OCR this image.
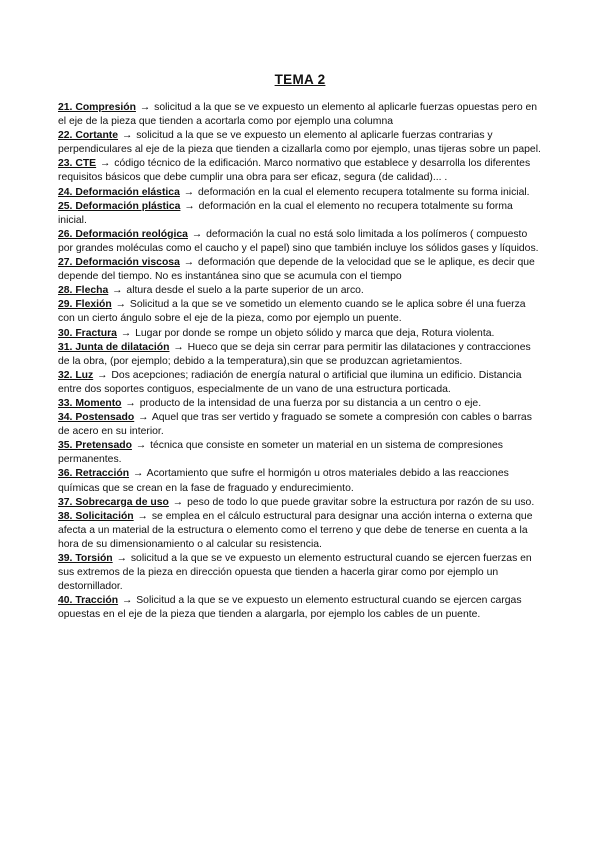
TEMA 2

21. Compresión → solicitud a la que se ve expuesto un elemento al aplicarle fuerzas opuestas pero en el eje de la pieza que tienden a acortarla como por ejemplo una columna

22. Cortante → solicitud a la que se ve expuesto un elemento al aplicarle fuerzas contrarias y perpendiculares al eje de la pieza que tienden a cizallarla como por ejemplo, unas tijeras sobre un papel.

23. CTE → código técnico de la edificación. Marco normativo que establece y desarrolla los diferentes requisitos básicos que debe cumplir una obra para ser eficaz, segura (de calidad)... .

24. Deformación elástica → deformación en la cual el elemento recupera totalmente su forma inicial.

25. Deformación plástica → deformación en la cual el elemento no recupera totalmente su forma inicial.

26. Deformación reológica → deformación la cual no está solo limitada a los polímeros ( compuesto por grandes moléculas como el caucho y el papel) sino que también incluye los sólidos gases y líquidos.

27. Deformación viscosa → deformación que depende de la velocidad que se le aplique, es decir que depende del tiempo. No es instantánea sino que se acumula con el tiempo

28. Flecha → altura desde el suelo a la parte superior de un arco.

29. Flexión → Solicitud a la que se ve sometido un elemento cuando se le aplica sobre él una fuerza con un cierto ángulo sobre el eje de la pieza, como por ejemplo un puente.

30. Fractura → Lugar por donde se rompe un objeto sólido y marca que deja, Rotura violenta.

31. Junta de dilatación → Hueco que se deja sin cerrar para permitir las dilataciones y contracciones de la obra, (por ejemplo; debido a la temperatura),sin que se produzcan agrietamientos.

32. Luz → Dos acepciones; radiación de energía natural o artificial que ilumina un edificio. Distancia entre dos soportes contiguos, especialmente de un vano de una estructura porticada.

33. Momento → producto de la intensidad de una fuerza por su distancia a un centro o eje.

34. Postensado → Aquel que tras ser vertido y fraguado se somete a compresión con cables o barras de acero en su interior.

35. Pretensado → técnica que consiste en someter un material en un sistema de compresiones permanentes.

36. Retracción → Acortamiento que sufre el hormigón u otros materiales debido a las reacciones químicas que se crean en la fase de fraguado y endurecimiento.

37. Sobrecarga de uso → peso de todo lo que puede gravitar sobre la estructura por razón de su uso.

38. Solicitación → se emplea en el cálculo estructural para designar una acción interna o externa que afecta a un material de la estructura o elemento como el terreno y que debe de tenerse en cuenta a la hora de su dimensionamiento o al calcular su resistencia.

39. Torsión → solicitud a la que se ve expuesto un elemento estructural cuando se ejercen fuerzas en sus extremos de la pieza en dirección opuesta que tienden a hacerla girar como por ejemplo un destornillador.

40. Tracción → Solicitud a la que se ve expuesto un elemento estructural cuando se ejercen cargas opuestas en el eje de la pieza que tienden a alargarla, por ejemplo los cables de un puente.
